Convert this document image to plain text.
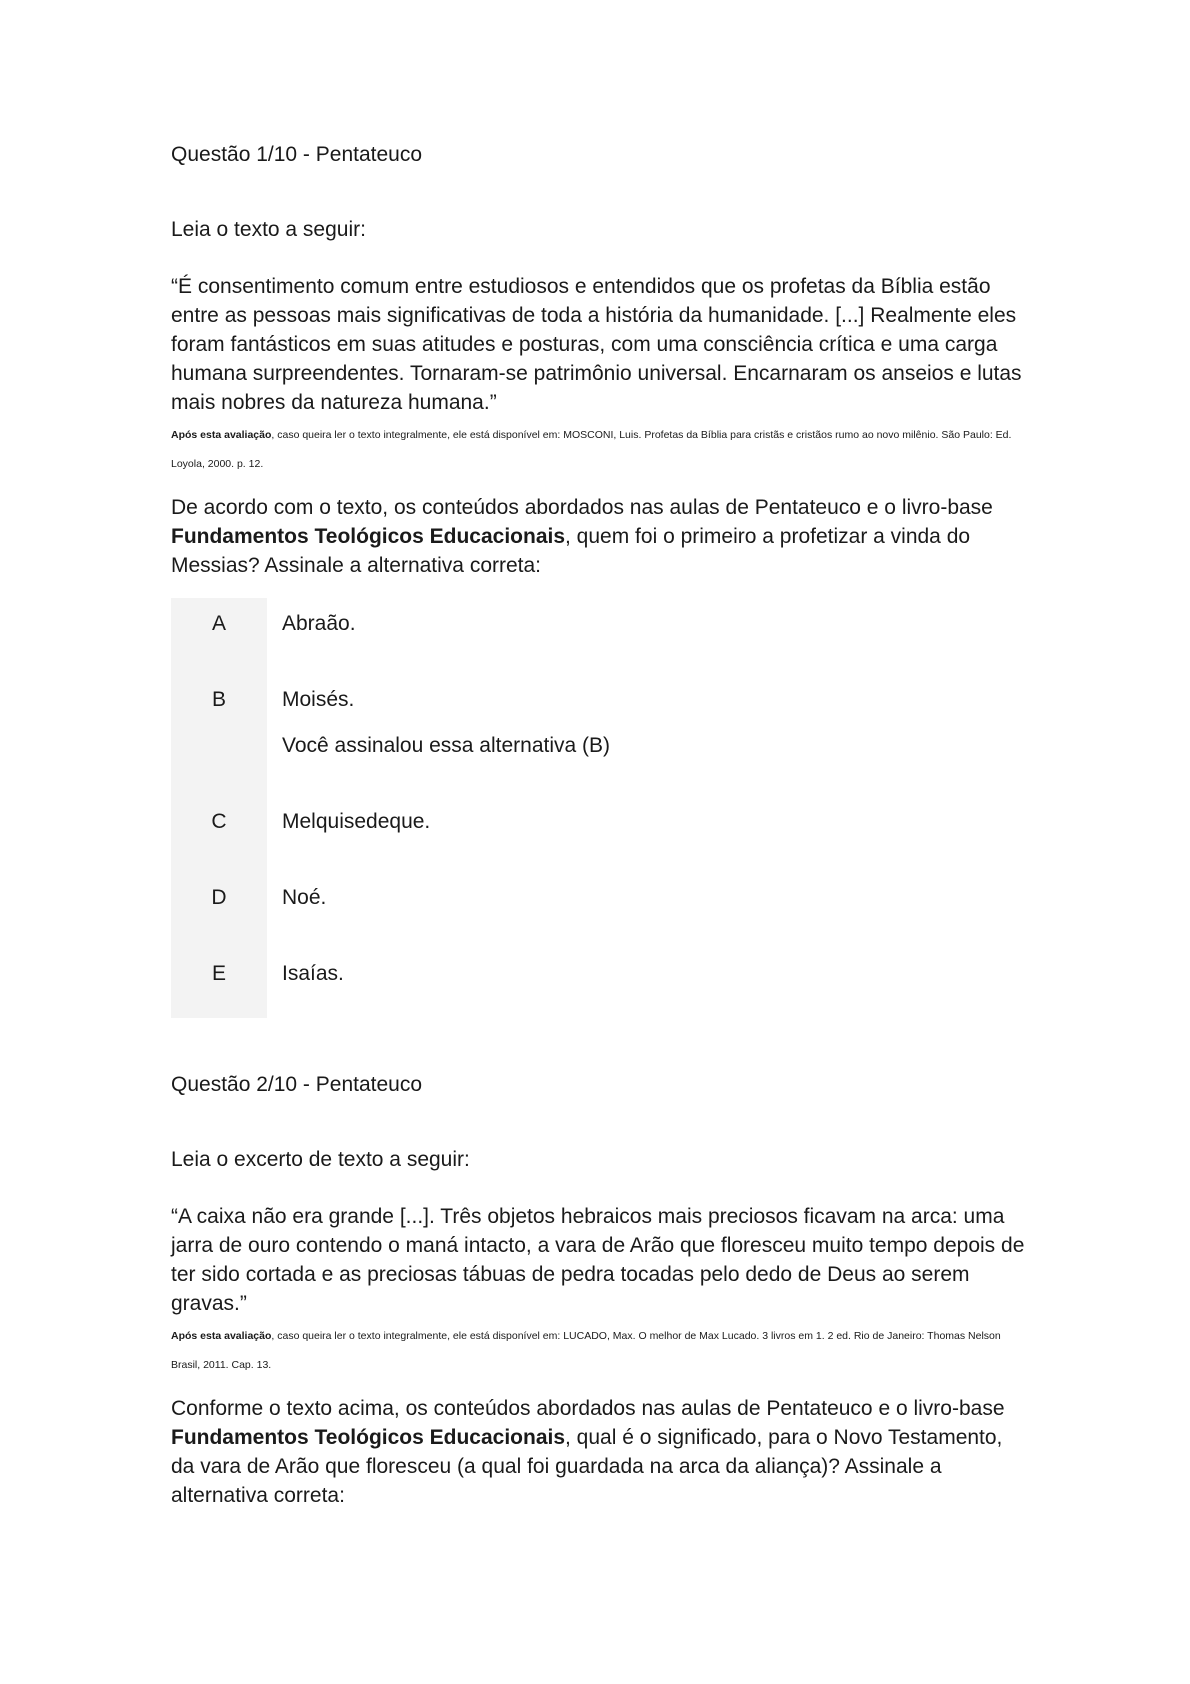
Questão 1/10 - Pentateuco
Leia o texto a seguir:
“É consentimento comum entre estudiosos e entendidos que os profetas da Bíblia estão entre as pessoas mais significativas de toda a história da humanidade. [...] Realmente eles foram fantásticos em suas atitudes e posturas, com uma consciência crítica e uma carga humana surpreendentes. Tornaram-se patrimônio universal. Encarnaram os anseios e lutas mais nobres da natureza humana.”
Após esta avaliação, caso queira ler o texto integralmente, ele está disponível em: MOSCONI, Luis. Profetas da Bíblia para cristãs e cristãos rumo ao novo milênio. São Paulo: Ed. Loyola, 2000. p. 12.
De acordo com o texto, os conteúdos abordados nas aulas de Pentateuco e o livro-base Fundamentos Teológicos Educacionais, quem foi o primeiro a profetizar a vinda do Messias? Assinale a alternativa correta:
A	Abraão.
B	Moisés.
Você assinalou essa alternativa (B)
C	Melquisedeque.
D	Noé.
E	Isaías.
Questão 2/10 - Pentateuco
Leia o excerto de texto a seguir:
“A caixa não era grande [...]. Três objetos hebraicos mais preciosos ficavam na arca: uma jarra de ouro contendo o maná intacto, a vara de Arão que floresceu muito tempo depois de ter sido cortada e as preciosas tábuas de pedra tocadas pelo dedo de Deus ao serem gravas.”
Após esta avaliação, caso queira ler o texto integralmente, ele está disponível em: LUCADO, Max. O melhor de Max Lucado. 3 livros em 1. 2 ed. Rio de Janeiro: Thomas Nelson Brasil, 2011. Cap. 13.
Conforme o texto acima, os conteúdos abordados nas aulas de Pentateuco e o livro-base Fundamentos Teológicos Educacionais, qual é o significado, para o Novo Testamento, da vara de Arão que floresceu (a qual foi guardada na arca da aliança)? Assinale a alternativa correta:
